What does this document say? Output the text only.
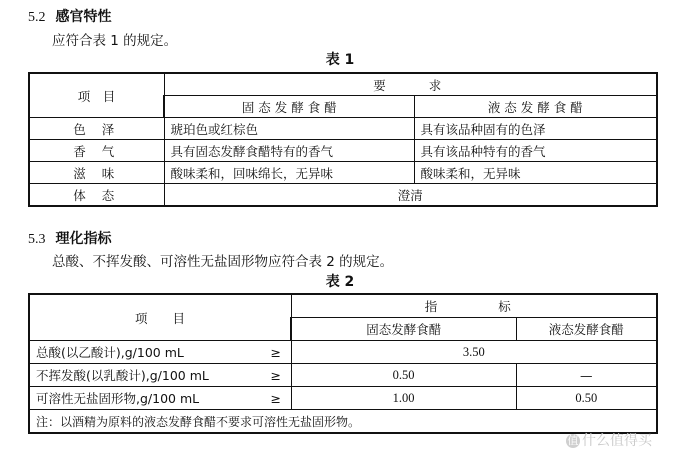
5.2 感官特性
应符合表 1 的规定。
表 1
项　目	要　　求	
	固 态 发 酵 食 醋	液 态 发 酵 食 醋
色 泽	琥珀色或红棕色	具有该品种固有的色泽
香 气	具有固态发酵食醋特有的香气	具有该品种特有的香气
滋 味	酸味柔和，回味绵长，无异味	酸味柔和，无异味
体 态	澄清	
5.3 理化指标
总酸、不挥发酸、可溶性无盐固形物应符合表 2 的规定。
表 2
项　　目		指　　标	
		固态发酵食醋	液态发酵食醋
总酸(以乙酸计),g/100 mL	≥	3.50	
不挥发酸(以乳酸计),g/100 mL	≥	0.50	—
可溶性无盐固形物,g/100 mL	≥	1.00	0.50
注：以酒精为原料的液态发酵食醋不要求可溶性无盐固形物。			
值 什么值得买
